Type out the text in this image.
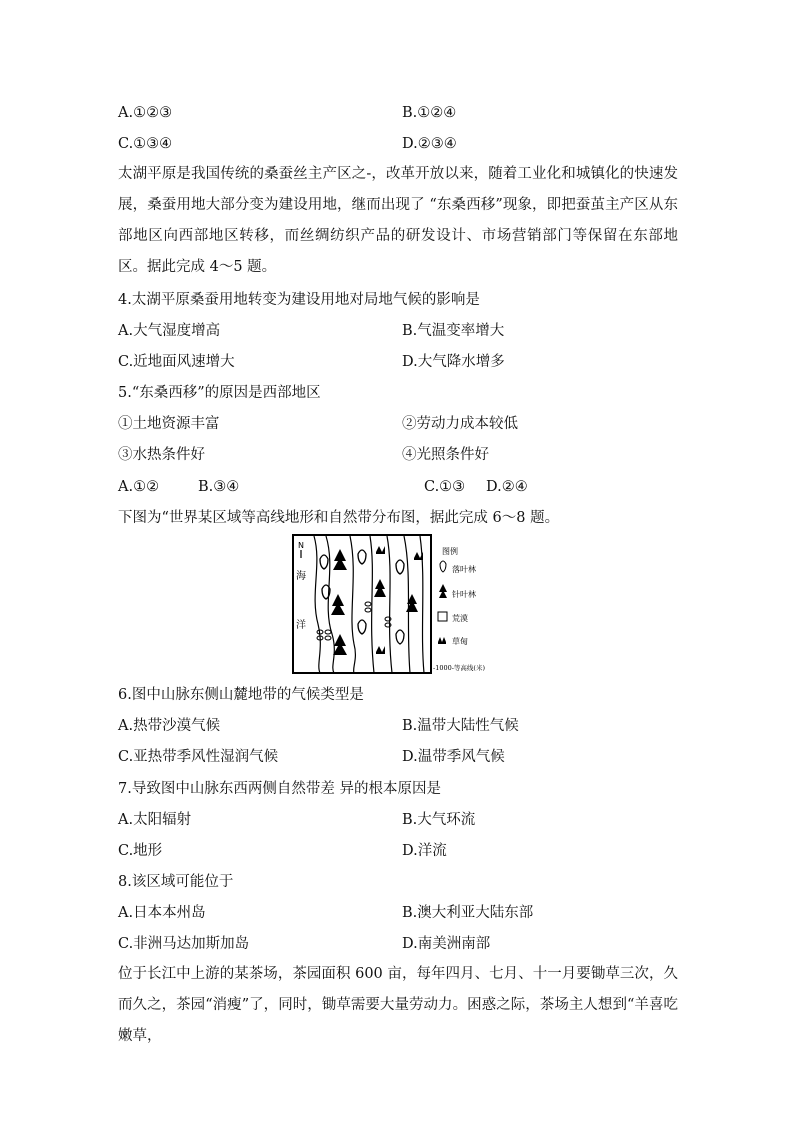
A.①②③	B.①②④
C.①③④	D.②③④
太湖平原是我国传统的桑蚕丝主产区之-，改革开放以来，随着工业化和城镇化的快速发展，桑蚕用地大部分变为建设用地，继而出现了 “东桑西移”现象，即把蚕茧主产区从东部地区向西部地区转移，而丝绸纺织产品的研发设计、市场营销部门等保留在东部地区。据此完成 4～5 题。
4.太湖平原桑蚕用地转变为建设用地对局地气候的影响是
A.大气湿度增高	B.气温变率增大
C.近地面风速增大	D.大气降水增多
5.“东桑西移”的原因是西部地区
①土地资源丰富	②劳动力成本较低
③水热条件好	④光照条件好
A.①②	B.③④	C.①③ D.②④
下图为“世界某区域等高线地形和自然带分布图，据此完成 6～8 题。
N
海
洋
图例
落叶林
针叶林
荒漠
草甸
-1000-等高线(米)
6.图中山脉东侧山麓地带的气候类型是
A.热带沙漠气候	B.温带大陆性气候
C.亚热带季风性湿润气候	D.温带季风气候
7.导致图中山脉东西两侧自然带差 异的根本原因是
A.太阳辐射	B.大气环流
C.地形	D.洋流
8.该区域可能位于
A.日本本州岛	B.澳大利亚大陆东部
C.非洲马达加斯加岛	D.南美洲南部
位于长江中上游的某茶场，茶园面积 600 亩，每年四月、七月、十一月要锄草三次，久而久之，茶园“消瘦”了，同时，锄草需要大量劳动力。困惑之际，茶场主人想到“羊喜吃嫩草，
